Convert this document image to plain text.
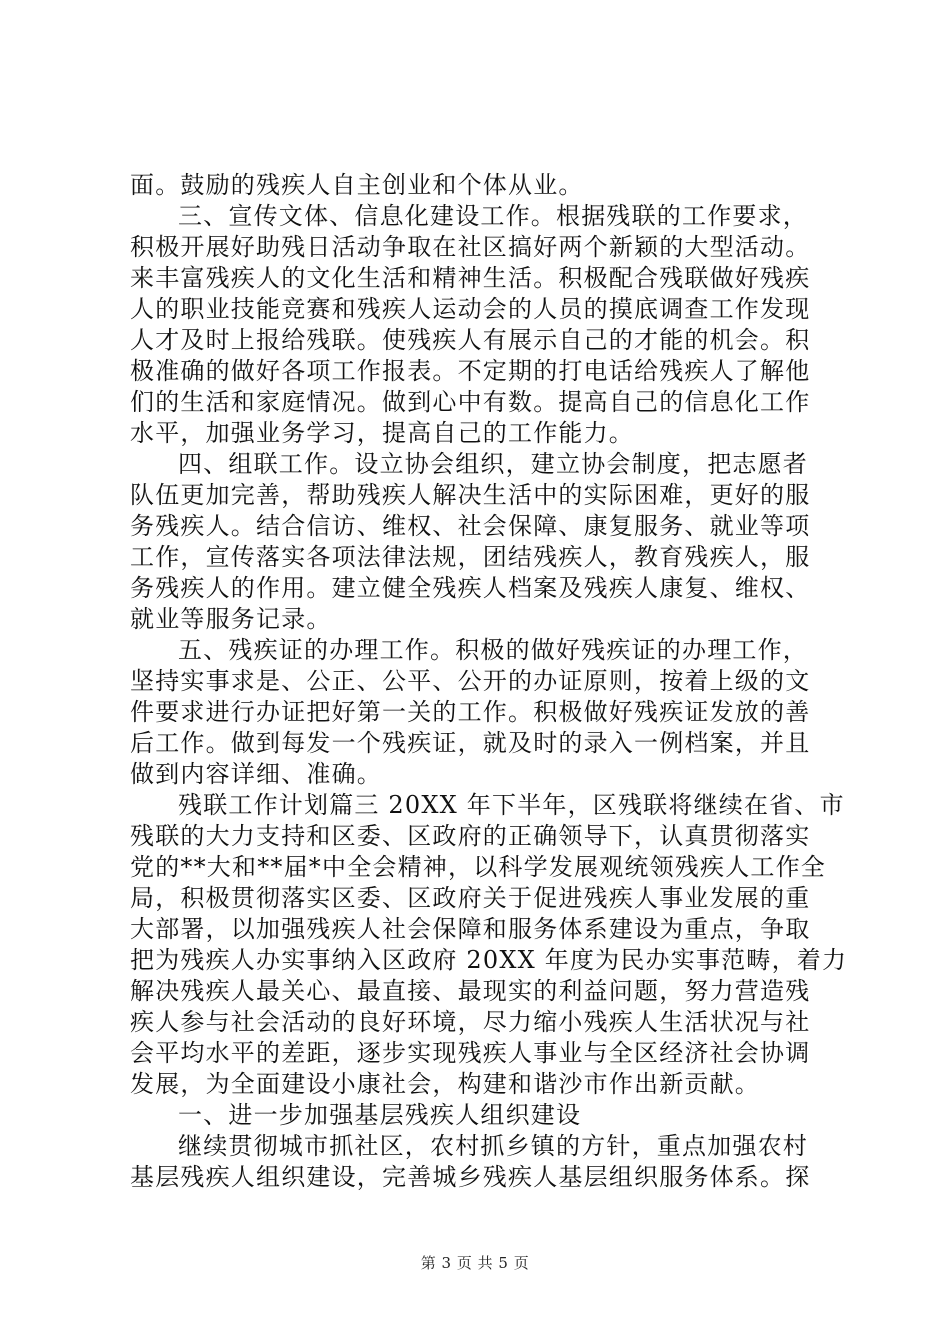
面。鼓励的残疾人自主创业和个体从业。
三、宣传文体、信息化建设工作。根据残联的工作要求，
积极开展好助残日活动争取在社区搞好两个新颖的大型活动。
来丰富残疾人的文化生活和精神生活。积极配合残联做好残疾
人的职业技能竞赛和残疾人运动会的人员的摸底调查工作发现
人才及时上报给残联。使残疾人有展示自己的才能的机会。积
极准确的做好各项工作报表。不定期的打电话给残疾人了解他
们的生活和家庭情况。做到心中有数。提高自己的信息化工作
水平，加强业务学习，提高自己的工作能力。
四、组联工作。设立协会组织，建立协会制度，把志愿者
队伍更加完善，帮助残疾人解决生活中的实际困难，更好的服
务残疾人。结合信访、维权、社会保障、康复服务、就业等项
工作，宣传落实各项法律法规，团结残疾人，教育残疾人，服
务残疾人的作用。建立健全残疾人档案及残疾人康复、维权、
就业等服务记录。
五、残疾证的办理工作。积极的做好残疾证的办理工作，
坚持实事求是、公正、公平、公开的办证原则，按着上级的文
件要求进行办证把好第一关的工作。积极做好残疾证发放的善
后工作。做到每发一个残疾证，就及时的录入一例档案，并且
做到内容详细、准确。
残联工作计划篇三 20XX 年下半年，区残联将继续在省、市
残联的大力支持和区委、区政府的正确领导下，认真贯彻落实
党的**大和**届*中全会精神，以科学发展观统领残疾人工作全
局，积极贯彻落实区委、区政府关于促进残疾人事业发展的重
大部署，以加强残疾人社会保障和服务体系建设为重点，争取
把为残疾人办实事纳入区政府 20XX 年度为民办实事范畴，着力
解决残疾人最关心、最直接、最现实的利益问题，努力营造残
疾人参与社会活动的良好环境，尽力缩小残疾人生活状况与社
会平均水平的差距，逐步实现残疾人事业与全区经济社会协调
发展，为全面建设小康社会，构建和谐沙市作出新贡献。
一、进一步加强基层残疾人组织建设
继续贯彻城市抓社区，农村抓乡镇的方针，重点加强农村
基层残疾人组织建设，完善城乡残疾人基层组织服务体系。探
第 3 页 共 5 页
